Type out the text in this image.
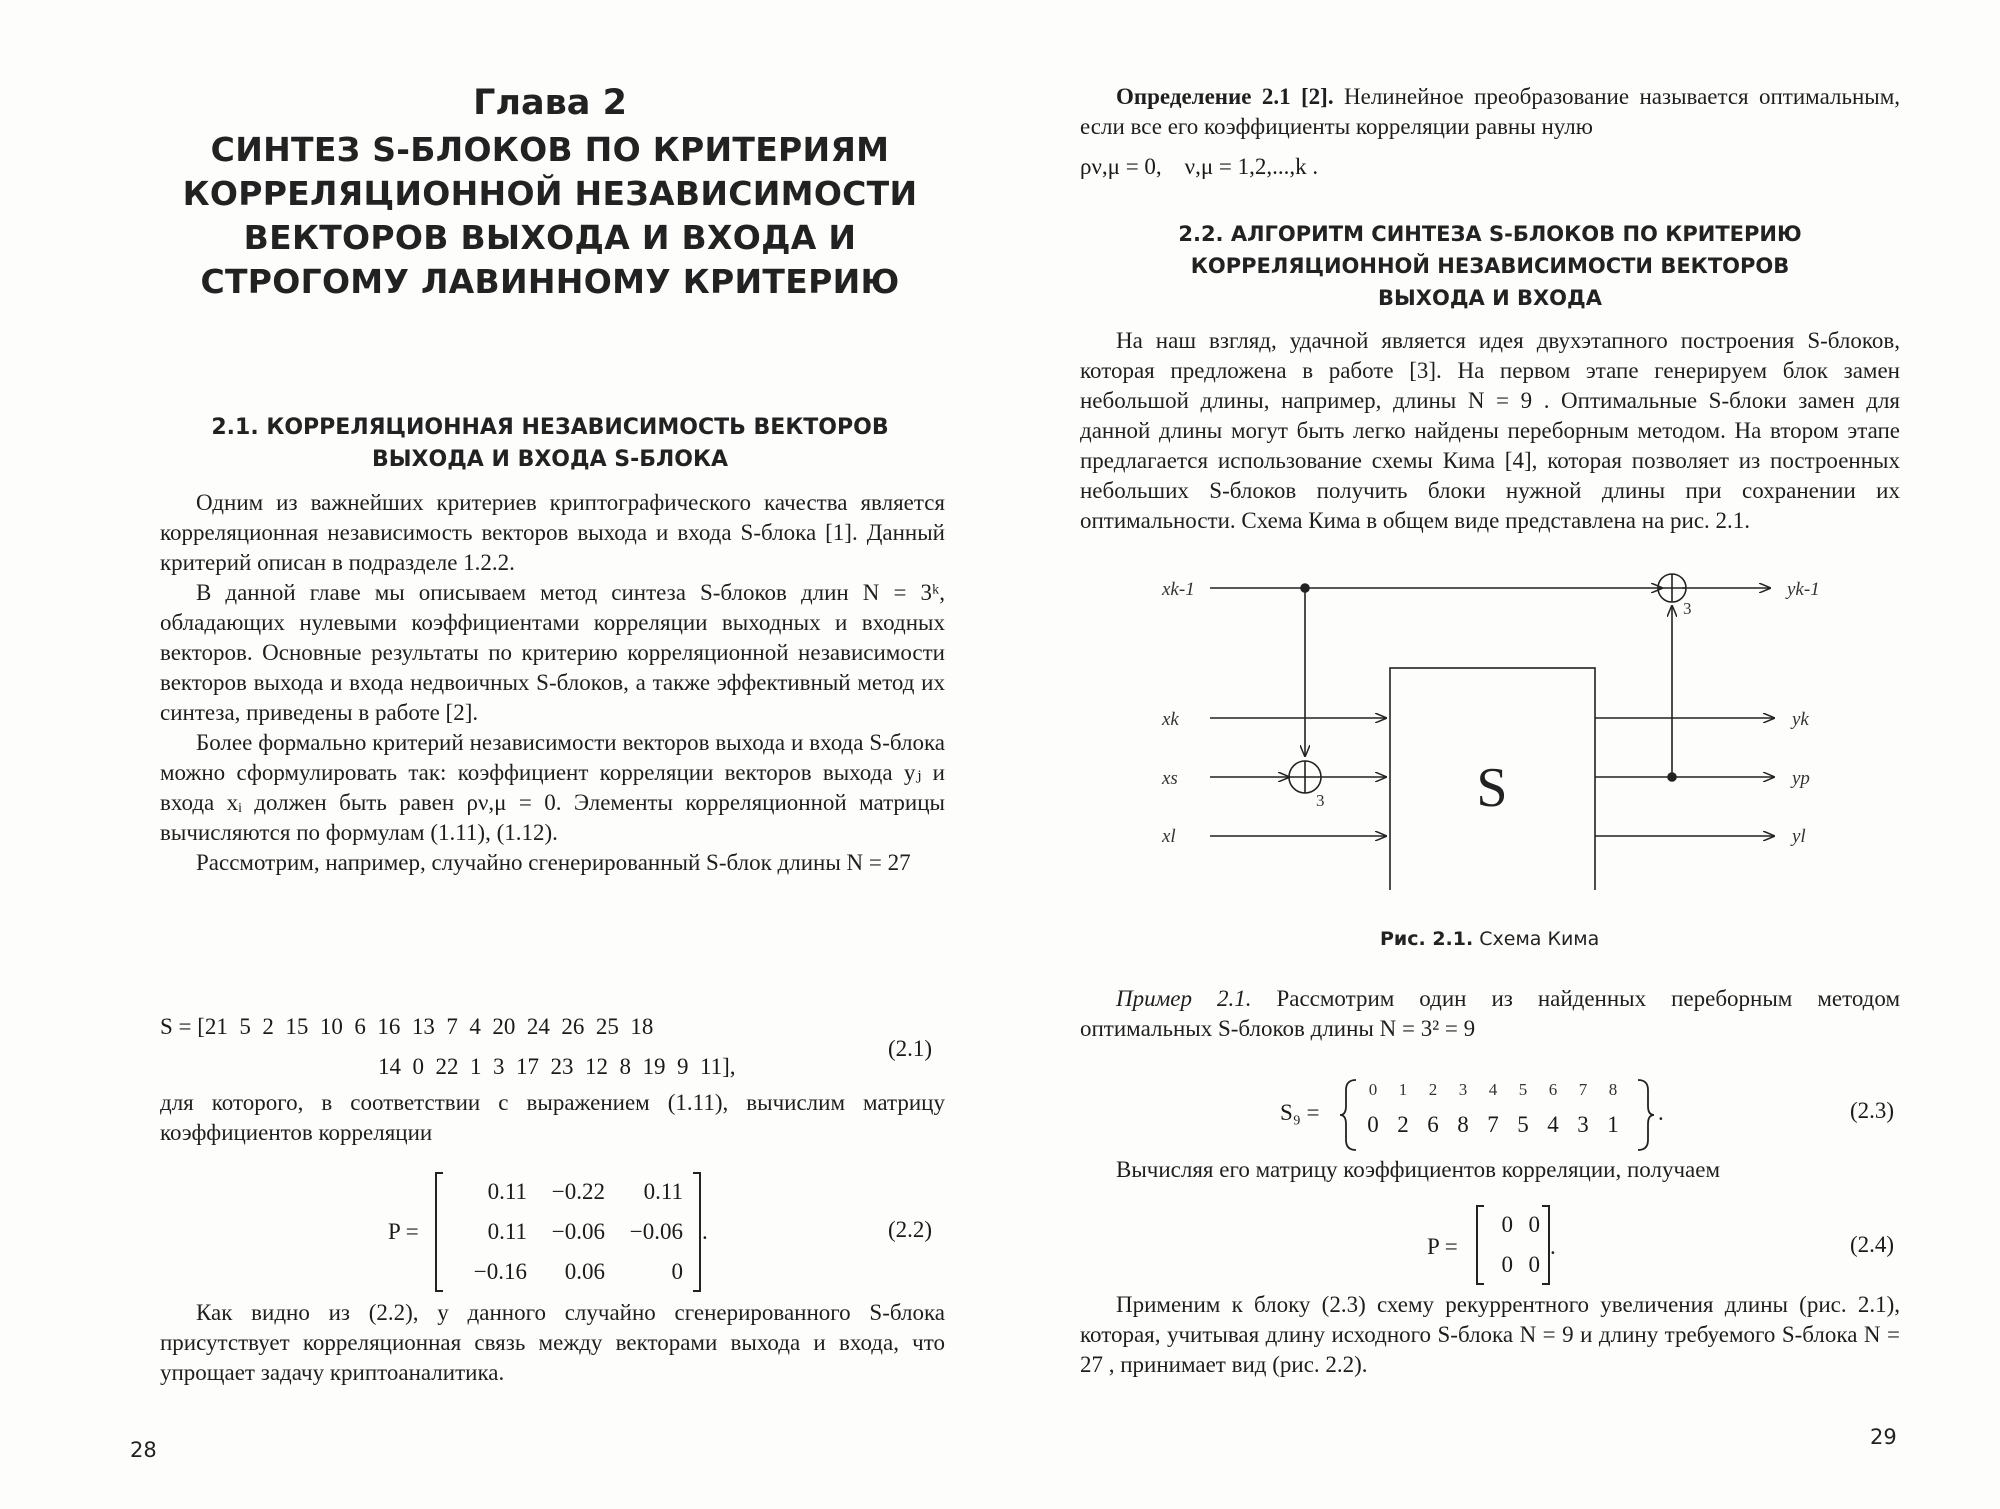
Глава 2
СИНТЕЗ S-БЛОКОВ ПО КРИТЕРИЯМ КОРРЕЛЯЦИОННОЙ НЕЗАВИСИМОСТИ ВЕКТОРОВ ВЫХОДА И ВХОДА И СТРОГОМУ ЛАВИННОМУ КРИТЕРИЮ
2.1. КОРРЕЛЯЦИОННАЯ НЕЗАВИСИМОСТЬ ВЕКТОРОВ ВЫХОДА И ВХОДА S-БЛОКА

Одним из важнейших критериев криптографического качества является корреляционная независимость векторов выхода и входа S-блока [1]. Данный критерий описан в подразделе 1.2.2.

В данной главе мы описываем метод синтеза S-блоков длин N = 3ᵏ, обладающих нулевыми коэффициентами корреляции выходных и входных векторов. Основные результаты по критерию корреляционной независимости векторов выхода и входа недвоичных S-блоков, а также эффективный метод их синтеза, приведены в работе [2].

Более формально критерий независимости векторов выхода и входа S-блока можно сформулировать так: коэффициент корреляции векторов выхода yⱼ и входа xᵢ должен быть равен ρν,μ = 0. Элементы корреляционной матрицы вычисляются по формулам (1.11), (1.12).

Рассмотрим, например, случайно сгенерированный S-блок длины N = 27

S = [21  5  2  15  10  6  16  13  7  4  20  24  26  25  18
14  0  22  1  3  17  23  12  8  19  9  11],
(2.1)

для которого, в соответствии с выражением (1.11), вычислим матрицу коэффициентов корреляции

P =
0.11	−0.22	0.11
0.11	−0.06	−0.06
−0.16	0.06	0
.	(2.2)

Как видно из (2.2), у данного случайно сгенерированного S-блока присутствует корреляционная связь между векторами выхода и входа, что упрощает задачу криптоаналитика.

28

Определение 2.1 [2]. Нелинейное преобразование называется оптимальным, если все его коэффициенты корреляции равны нулю

ρν,μ = 0,    ν,μ = 1,2,...,k .
2.2. АЛГОРИТМ СИНТЕЗА S-БЛОКОВ ПО КРИТЕРИЮ КОРРЕЛЯЦИОННОЙ НЕЗАВИСИМОСТИ ВЕКТОРОВ ВЫХОДА И ВХОДА

На наш взгляд, удачной является идея двухэтапного построения S-блоков, которая предложена в работе [3]. На первом этапе генерируем блок замен небольшой длины, например, длины N = 9 . Оптимальные S-блоки замен для данной длины могут быть легко найдены переборным методом. На втором этапе предлагается использование схемы Кима [4], которая позволяет из построенных небольших S-блоков получить блоки нужной длины при сохранении их оптимальности. Схема Кима в общем виде представлена на рис. 2.1.

xk-1
xk
xs
xl
yk-1
yk
yp
yl
S
3
3
Рис. 2.1. Схема Кима

Пример 2.1. Рассмотрим один из найденных переборным методом оптимальных S-блоков длины N = 3² = 9

S₉ =
0	1	2	3	4	5	6	7	8
0 2 6 8 7 5 4 3 1	.	(2.3)

Вычисляя его матрицу коэффициентов корреляции, получаем

P =
0 0
0 0
.	(2.4)

Применим к блоку (2.3) схему рекуррентного увеличения длины (рис. 2.1), которая, учитывая длину исходного S-блока N = 9 и длину требуемого S-блока N = 27 , принимает вид (рис. 2.2).

29
